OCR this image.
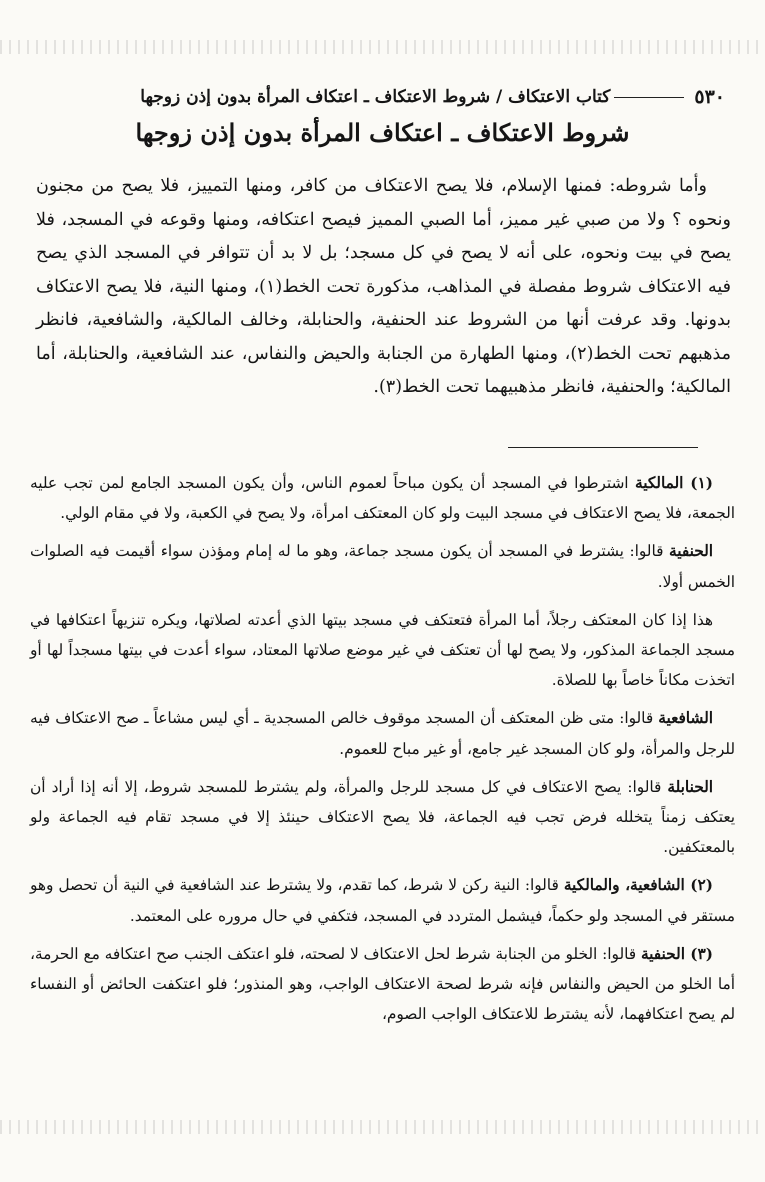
٥٣٠
كتاب الاعتكاف / شروط الاعتكاف ـ اعتكاف المرأة بدون إذن زوجها
شروط الاعتكاف ـ اعتكاف المرأة بدون إذن زوجها

وأما شروطه: فمنها الإسلام، فلا يصح الاعتكاف من كافر، ومنها التمييز، فلا يصح من مجنون ونحوه ؟ ولا من صبي غير مميز، أما الصبي المميز فيصح اعتكافه، ومنها وقوعه في المسجد، فلا يصح في بيت ونحوه، على أنه لا يصح في كل مسجد؛ بل لا بد أن تتوافر في المسجد الذي يصح فيه الاعتكاف شروط مفصلة في المذاهب، مذكورة تحت الخط(١)، ومنها النية، فلا يصح الاعتكاف بدونها. وقد عرفت أنها من الشروط عند الحنفية، والحنابلة، وخالف المالكية، والشافعية، فانظر مذهبهم تحت الخط(٢)، ومنها الطهارة من الجنابة والحيض والنفاس، عند الشافعية، والحنابلة، أما المالكية؛ والحنفية، فانظر مذهبيهما تحت الخط(٣).

(١) المالكية اشترطوا في المسجد أن يكون مباحاً لعموم الناس، وأن يكون المسجد الجامع لمن تجب عليه الجمعة، فلا يصح الاعتكاف في مسجد البيت ولو كان المعتكف امرأة، ولا يصح في الكعبة، ولا في مقام الولي.

الحنفية قالوا: يشترط في المسجد أن يكون مسجد جماعة، وهو ما له إمام ومؤذن سواء أقيمت فيه الصلوات الخمس أولا.

هذا إذا كان المعتكف رجلاً، أما المرأة فتعتكف في مسجد بيتها الذي أعدته لصلاتها، ويكره تنزيهاً اعتكافها في مسجد الجماعة المذكور، ولا يصح لها أن تعتكف في غير موضع صلاتها المعتاد، سواء أعدت في بيتها مسجداً لها أو اتخذت مكاناً خاصاً بها للصلاة.

الشافعية قالوا: متى ظن المعتكف أن المسجد موقوف خالص المسجدية ـ أي ليس مشاعاً ـ صح الاعتكاف فيه للرجل والمرأة، ولو كان المسجد غير جامع، أو غير مباح للعموم.

الحنابلة قالوا: يصح الاعتكاف في كل مسجد للرجل والمرأة، ولم يشترط للمسجد شروط، إلا أنه إذا أراد أن يعتكف زمناً يتخلله فرض تجب فيه الجماعة، فلا يصح الاعتكاف حينئذ إلا في مسجد تقام فيه الجماعة ولو بالمعتكفين.

(٢) الشافعية، والمالكية قالوا: النية ركن لا شرط، كما تقدم، ولا يشترط عند الشافعية في النية أن تحصل وهو مستقر في المسجد ولو حكماً، فيشمل المتردد في المسجد، فتكفي في حال مروره على المعتمد.

(٣) الحنفية قالوا: الخلو من الجنابة شرط لحل الاعتكاف لا لصحته، فلو اعتكف الجنب صح اعتكافه مع الحرمة، أما الخلو من الحيض والنفاس فإنه شرط لصحة الاعتكاف الواجب، وهو المنذور؛ فلو اعتكفت الحائض أو النفساء لم يصح اعتكافهما، لأنه يشترط للاعتكاف الواجب الصوم،
